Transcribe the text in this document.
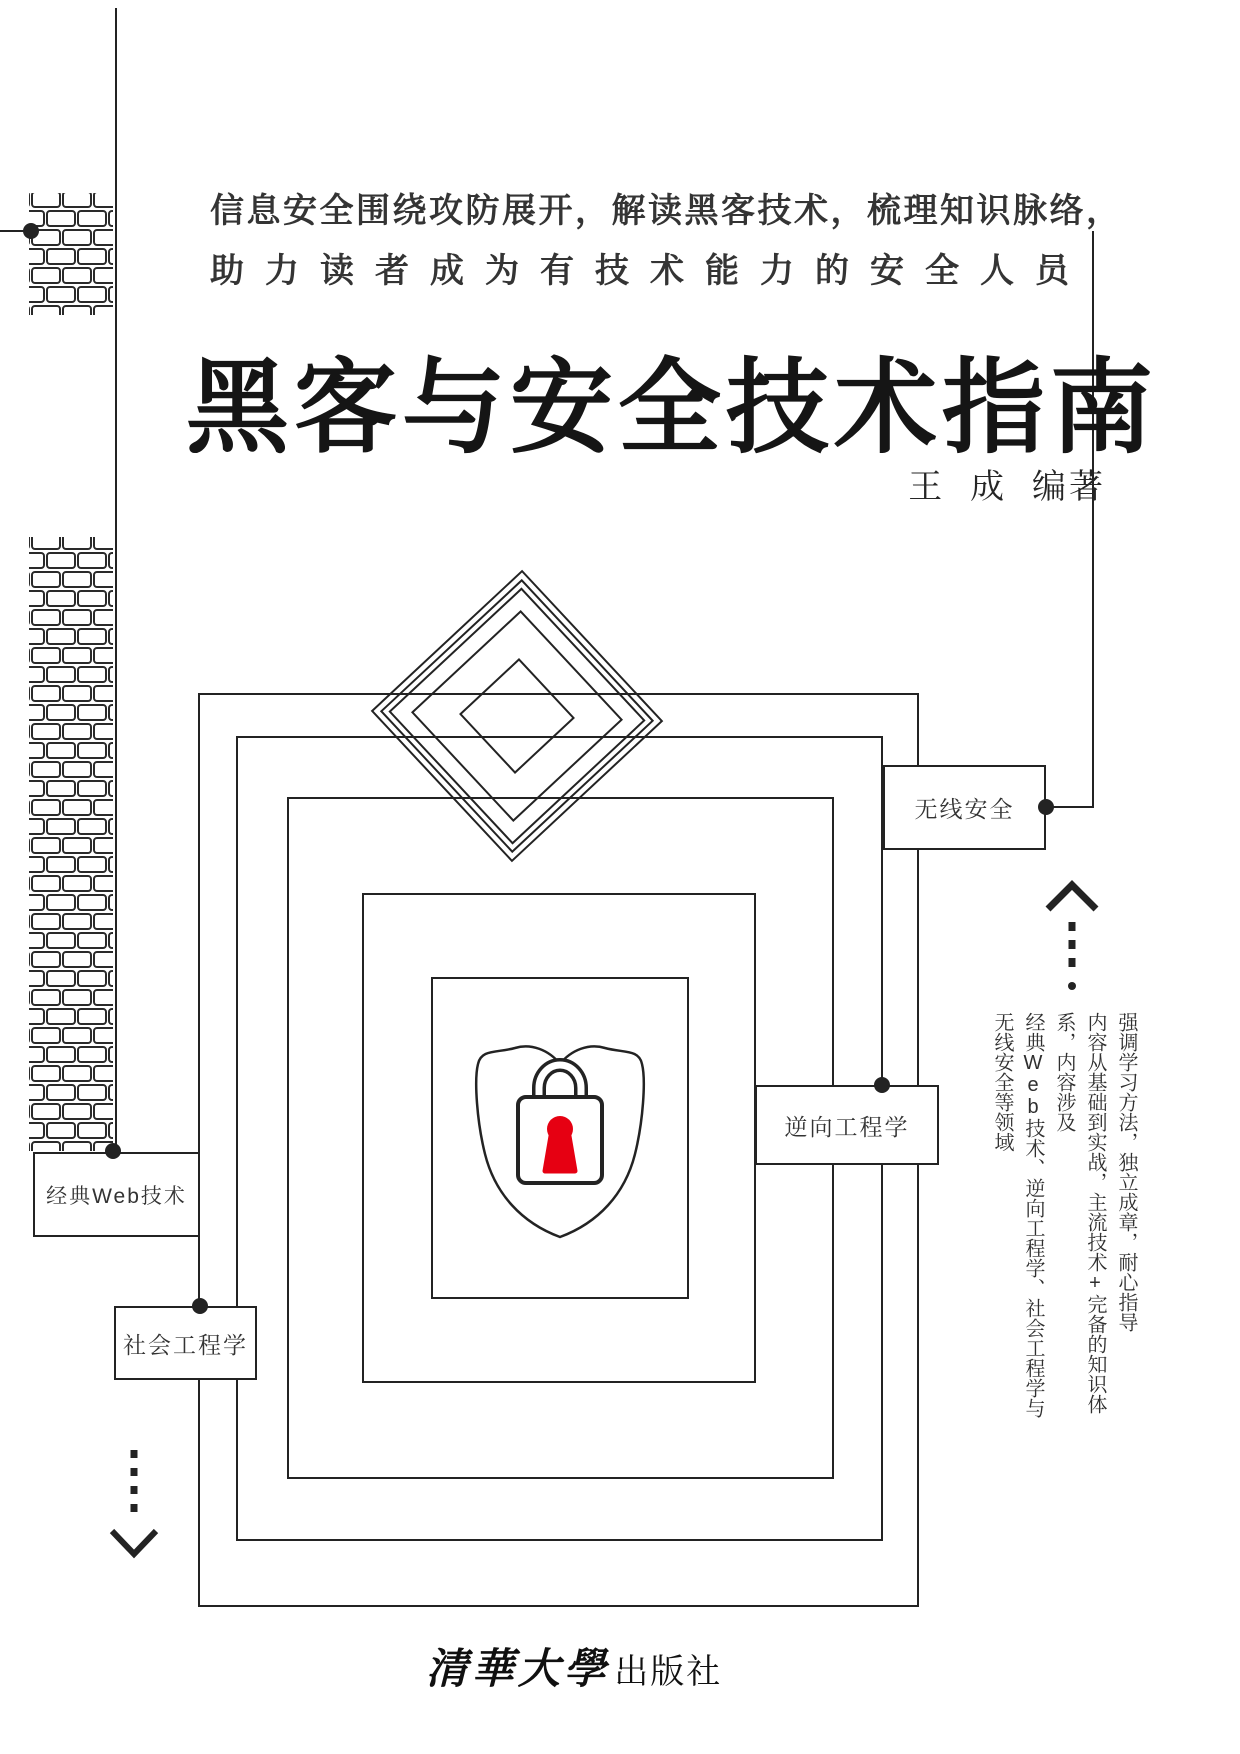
信息安全围绕攻防展开，解读黑客技术，梳理知识脉络，
助力读者成为有技术能力的安全人员
黑客与安全技术指南
王  成  编著
无线安全
逆向工程学
经典Web技术
社会工程学
强调学习方法，独立成章，耐心指导
内容从基础到实战，主流技术+完备的知识体系，内容涉及
经典Web技术、逆向工程学、社会工程学与无线安全等领域
清華大學 出版社
